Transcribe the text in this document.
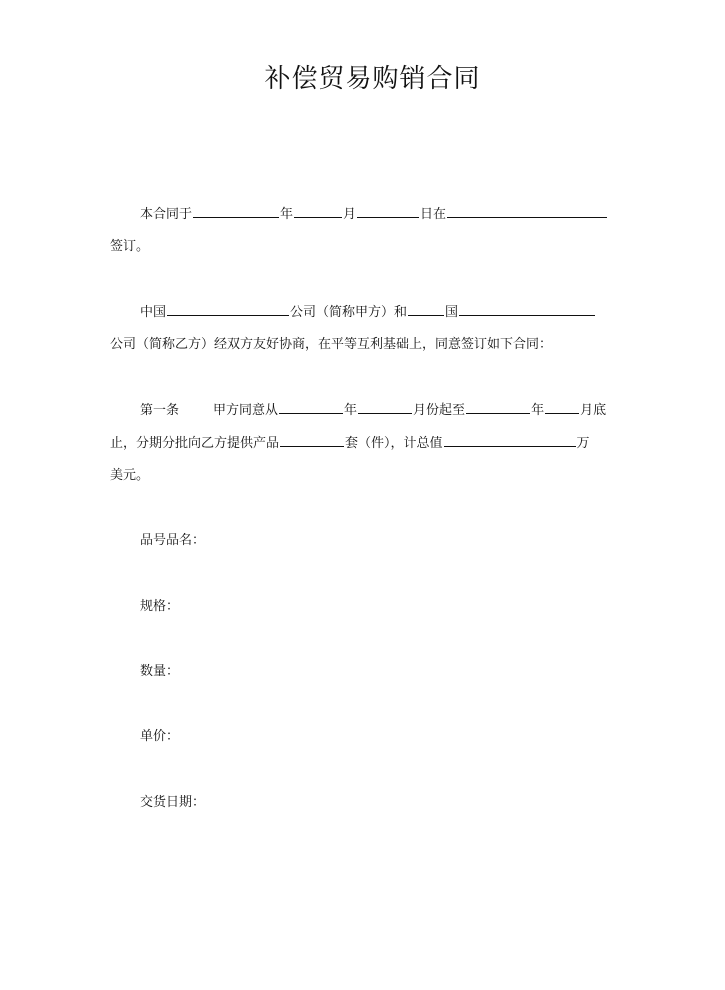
补偿贸易购销合同
本合同于	年	月	日在
签订。
中国	公司（简称甲方）和	国
公司（简称乙方）经双方友好协商，在平等互利基础上，同意签订如下合同：
第一条	甲方同意从	年	月份起至	年	月底
止，分期分批向乙方提供产品	套（件），计总值	万
美元。
品号品名：
规格：
数量：
单价：
交货日期：
